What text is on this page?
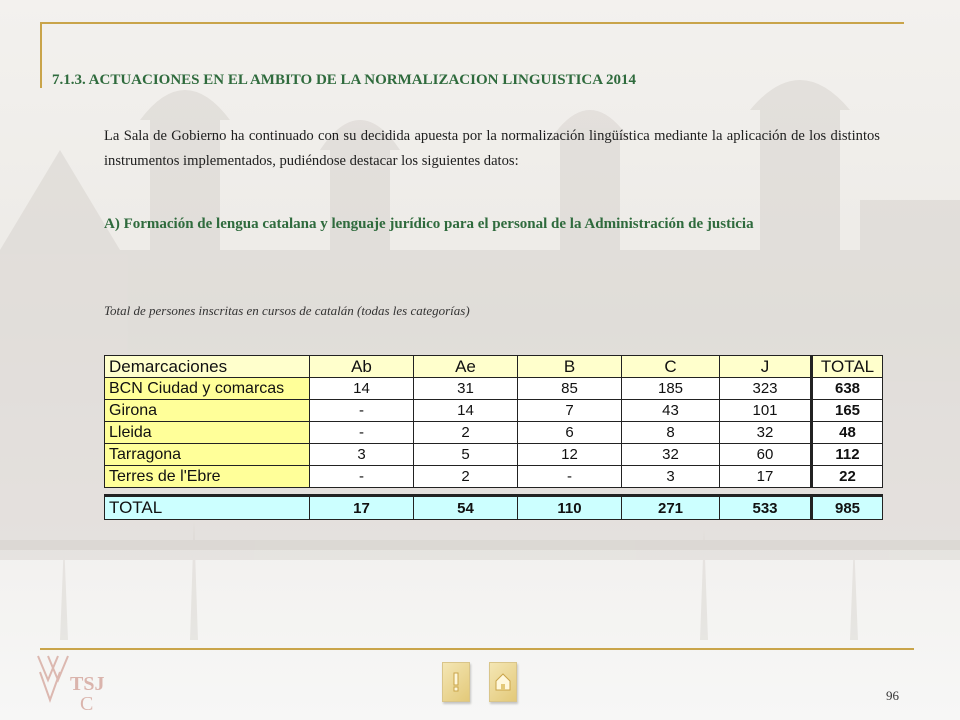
7.1.3. ACTUACIONES EN EL AMBITO DE LA NORMALIZACION LINGUISTICA 2014
La Sala de Gobierno ha continuado con su decidida apuesta por la normalización lingüística mediante la aplicación de los distintos instrumentos implementados, pudiéndose destacar los siguientes datos:
A) Formación de lengua catalana y lenguaje jurídico para el personal de la Administración de justicia
Total de persones inscritas en cursos de catalán (todas les categorías)
Demarcaciones	Ab	Ae	B	C	J	TOTAL
BCN Ciudad y comarcas	14	31	85	185	323	638
Girona	-	14	7	43	101	165
Lleida	-	2	6	8	32	48
Tarragona	3	5	12	32	60	112
Terres de l'Ebre	-	2	-	3	17	22

TOTAL	17	54	110	271	533	985
TSJ
C	96
